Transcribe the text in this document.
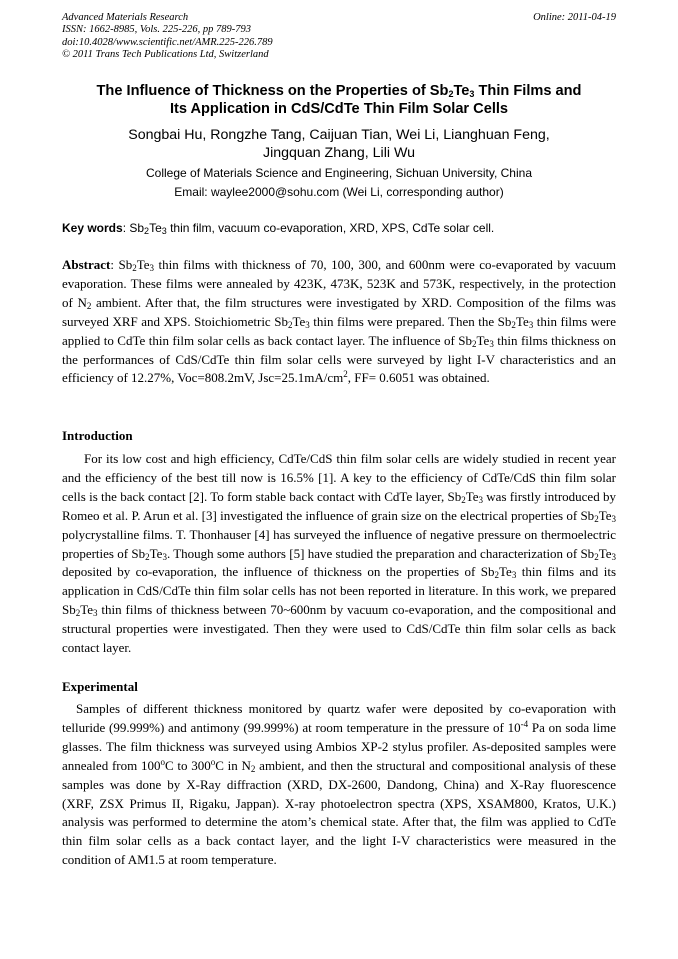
Advanced Materials Research
ISSN: 1662-8985, Vols. 225-226, pp 789-793
doi:10.4028/www.scientific.net/AMR.225-226.789
© 2011 Trans Tech Publications Ltd, Switzerland
Online: 2011-04-19
The Influence of Thickness on the Properties of $Sb_2Te_3$ Thin Films and
Its Application in CdS/CdTe Thin Film Solar Cells
Songbai Hu, Rongzhe Tang, Caijuan Tian, Wei Li, Lianghuan Feng,
Jingquan Zhang, Lili Wu
College of Materials Science and Engineering, Sichuan University, China
Email: waylee2000@sohu.com (Wei Li, corresponding author)
Key words: $Sb_2Te_3$ thin film, vacuum co-evaporation, XRD, XPS, CdTe solar cell.
Abstract: $Sb_2Te_3$ thin films with thickness of 70, 100, 300, and 600nm were co-evaporated by vacuum evaporation. These films were annealed by 423K, 473K, 523K and 573K, respectively, in the protection of $N_2$ ambient. After that, the film structures were investigated by XRD. Composition of the films was surveyed XRF and XPS. Stoichiometric $Sb_2Te_3$ thin films were prepared. Then the $Sb_2Te_3$ thin films were applied to CdTe thin film solar cells as back contact layer. The influence of $Sb_2Te_3$ thin films thickness on the performances of CdS/CdTe thin film solar cells were surveyed by light I-V characteristics and an efficiency of 12.27%, Voc=808.2mV, $Jsc=25.1mA/cm^2$, FF= 0.6051 was obtained.
Introduction
For its low cost and high efficiency, CdTe/CdS thin film solar cells are widely studied in recent year and the efficiency of the best till now is 16.5% [1]. A key to the efficiency of CdTe/CdS thin film solar cells is the back contact [2]. To form stable back contact with CdTe layer, $Sb_2Te_3$ was firstly introduced by Romeo et al. P. Arun et al. [3] investigated the influence of grain size on the electrical properties of $Sb_2Te_3$ polycrystalline films. T. Thonhauser [4] has surveyed the influence of negative pressure on thermoelectric properties of $Sb_2Te_3$. Though some authors [5] have studied the preparation and characterization of $Sb_2Te_3$ deposited by co-evaporation, the influence of thickness on the properties of $Sb_2Te_3$ thin films and its application in CdS/CdTe thin film solar cells has not been reported in literature. In this work, we prepared $Sb_2Te_3$ thin films of thickness between 70~600nm by vacuum co-evaporation, and the compositional and structural properties were investigated. Then they were used to CdS/CdTe thin film solar cells as back contact layer.
Experimental
Samples of different thickness monitored by quartz wafer were deposited by co-evaporation with telluride (99.999%) and antimony (99.999%) at room temperature in the pressure of $10^{-4}$ Pa on soda lime glasses. The film thickness was surveyed using Ambios XP-2 stylus profiler. As-deposited samples were annealed from 100$^o$C to 300$^o$C in $N_2$ ambient, and then the structural and compositional analysis of these samples was done by X-Ray diffraction (XRD, DX-2600, Dandong, China) and X-Ray fluorescence (XRF, ZSX Primus II, Rigaku, Jappan). X-ray photoelectron spectra (XPS, XSAM800, Kratos, U.K.) analysis was performed to determine the atom’s chemical state. After that, the film was applied to CdTe thin film solar cells as a back contact layer, and the light I-V characteristics were measured in the condition of AM1.5 at room temperature.
